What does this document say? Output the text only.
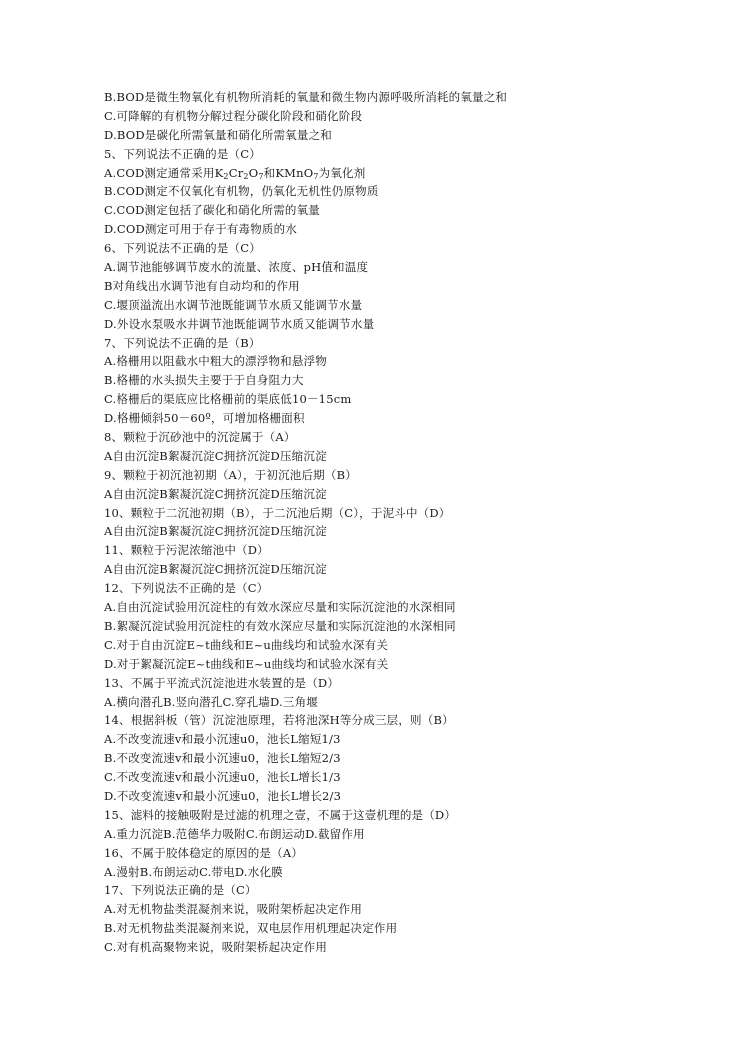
B.BOD是微生物氧化有机物所消耗的氧量和微生物内源呼吸所消耗的氧量之和
C.可降解的有机物分解过程分碳化阶段和硝化阶段
D.BOD是碳化所需氧量和硝化所需氧量之和
5、下列说法不正确的是（C）
A.COD测定通常采用$K_2Cr_2O_7$和KMnO$_7$为氧化剂
B.COD测定不仅氧化有机物，仍氧化无机性仍原物质
C.COD测定包括了碳化和硝化所需的氧量
D.COD测定可用于存于有毒物质的水
6、下列说法不正确的是（C）
A.调节池能够调节废水的流量、浓度、pH值和温度
B对角线出水调节池有自动均和的作用
C.堰顶溢流出水调节池既能调节水质又能调节水量
D.外设水泵吸水井调节池既能调节水质又能调节水量
7、下列说法不正确的是（B）
A.格栅用以阻截水中粗大的漂浮物和悬浮物
B.格栅的水头损失主要于于自身阻力大
C.格栅后的渠底应比格栅前的渠底低10－15cm
D.格栅倾斜50－60º，可增加格栅面积
8、颗粒于沉砂池中的沉淀属于（A）
A自由沉淀B絮凝沉淀C拥挤沉淀D压缩沉淀
9、颗粒于初沉池初期（A），于初沉池后期（B）
A自由沉淀B絮凝沉淀C拥挤沉淀D压缩沉淀
10、颗粒于二沉池初期（B），于二沉池后期（C），于泥斗中（D）
A自由沉淀B絮凝沉淀C拥挤沉淀D压缩沉淀
11、颗粒于污泥浓缩池中（D）
A自由沉淀B絮凝沉淀C拥挤沉淀D压缩沉淀
12、下列说法不正确的是（C）
A.自由沉淀试验用沉淀柱的有效水深应尽量和实际沉淀池的水深相同
B.絮凝沉淀试验用沉淀柱的有效水深应尽量和实际沉淀池的水深相同
C.对于自由沉淀E~t曲线和E~u曲线均和试验水深有关
D.对于絮凝沉淀E~t曲线和E~u曲线均和试验水深有关
13、不属于平流式沉淀池进水装置的是（D）
A.横向潜孔B.竖向潜孔C.穿孔墙D.三角堰
14、根据斜板（管）沉淀池原理，若将池深H等分成三层，则（B）
A.不改变流速v和最小沉速u0，池长L缩短1/3
B.不改变流速v和最小沉速u0，池长L缩短2/3
C.不改变流速v和最小沉速u0，池长L增长1/3
D.不改变流速v和最小沉速u0，池长L增长2/3
15、滤料的接触吸附是过滤的机理之壹，不属于这壹机理的是（D）
A.重力沉淀B.范德华力吸附C.布朗运动D.截留作用
16、不属于胶体稳定的原因的是（A）
A.漫射B.布朗运动C.带电D.水化膜
17、下列说法正确的是（C）
A.对无机物盐类混凝剂来说，吸附架桥起决定作用
B.对无机物盐类混凝剂来说，双电层作用机理起决定作用
C.对有机高聚物来说，吸附架桥起决定作用
